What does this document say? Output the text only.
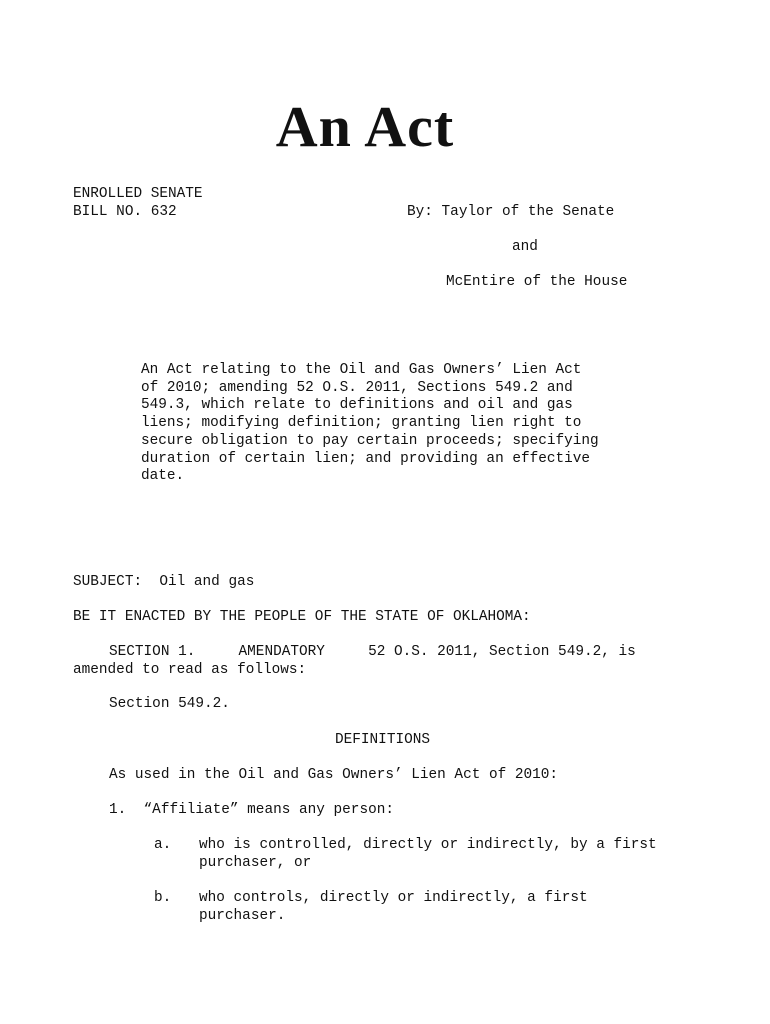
An Act
ENROLLED SENATE
BILL NO. 632	By: Taylor of the Senate
and
McEntire of the House
An Act relating to the Oil and Gas Owners’ Lien Act
of 2010; amending 52 O.S. 2011, Sections 549.2 and
549.3, which relate to definitions and oil and gas
liens; modifying definition; granting lien right to
secure obligation to pay certain proceeds; specifying
duration of certain lien; and providing an effective
date.
SUBJECT:  Oil and gas
BE IT ENACTED BY THE PEOPLE OF THE STATE OF OKLAHOMA:
SECTION 1.     AMENDATORY     52 O.S. 2011, Section 549.2, is
amended to read as follows:
Section 549.2.
DEFINITIONS
As used in the Oil and Gas Owners’ Lien Act of 2010:
1.  “Affiliate” means any person:
a. who is controlled, directly or indirectly, by a first
purchaser, or
b. who controls, directly or indirectly, a first
purchaser.
